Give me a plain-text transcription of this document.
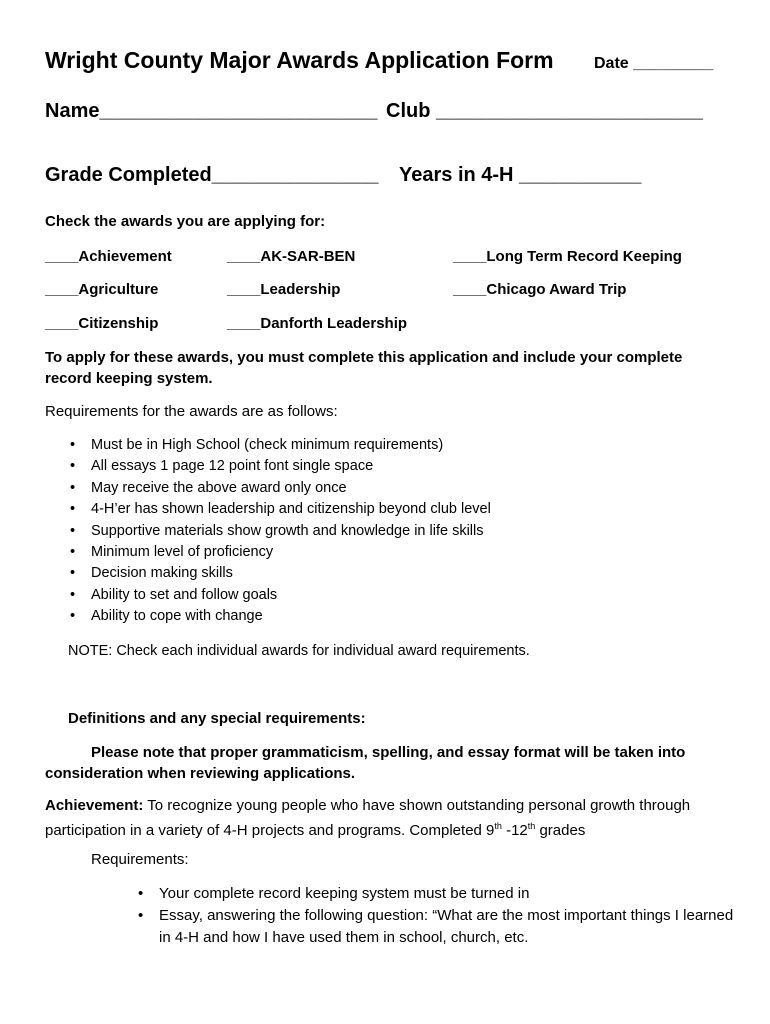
Wright County Major Awards Application Form	Date _________
Name_________________________ Club ________________________
Grade Completed_______________ Years in 4-H ___________
Check the awards you are applying for:
____Achievement	____AK-SAR-BEN	____Long Term Record Keeping
____Agriculture	____Leadership	____Chicago Award Trip
____Citizenship	____Danforth Leadership
To apply for these awards, you must complete this application and include your complete record keeping system.
Requirements for the awards are as follows:
• Must be in High School (check minimum requirements)
• All essays 1 page 12 point font single space
• May receive the above award only once
• 4-H’er has shown leadership and citizenship beyond club level
• Supportive materials show growth and knowledge in life skills
• Minimum level of proficiency
• Decision making skills
• Ability to set and follow goals
• Ability to cope with change
NOTE: Check each individual awards for individual award requirements.
Definitions and any special requirements:
Please note that proper grammaticism, spelling, and essay format will be taken into consideration when reviewing applications.
Achievement: To recognize young people who have shown outstanding personal growth through participation in a variety of 4-H projects and programs. Completed 9th -12th grades
Requirements:
• Your complete record keeping system must be turned in
• Essay, answering the following question: “What are the most important things I learned in 4-H and how I have used them in school, church, etc.
